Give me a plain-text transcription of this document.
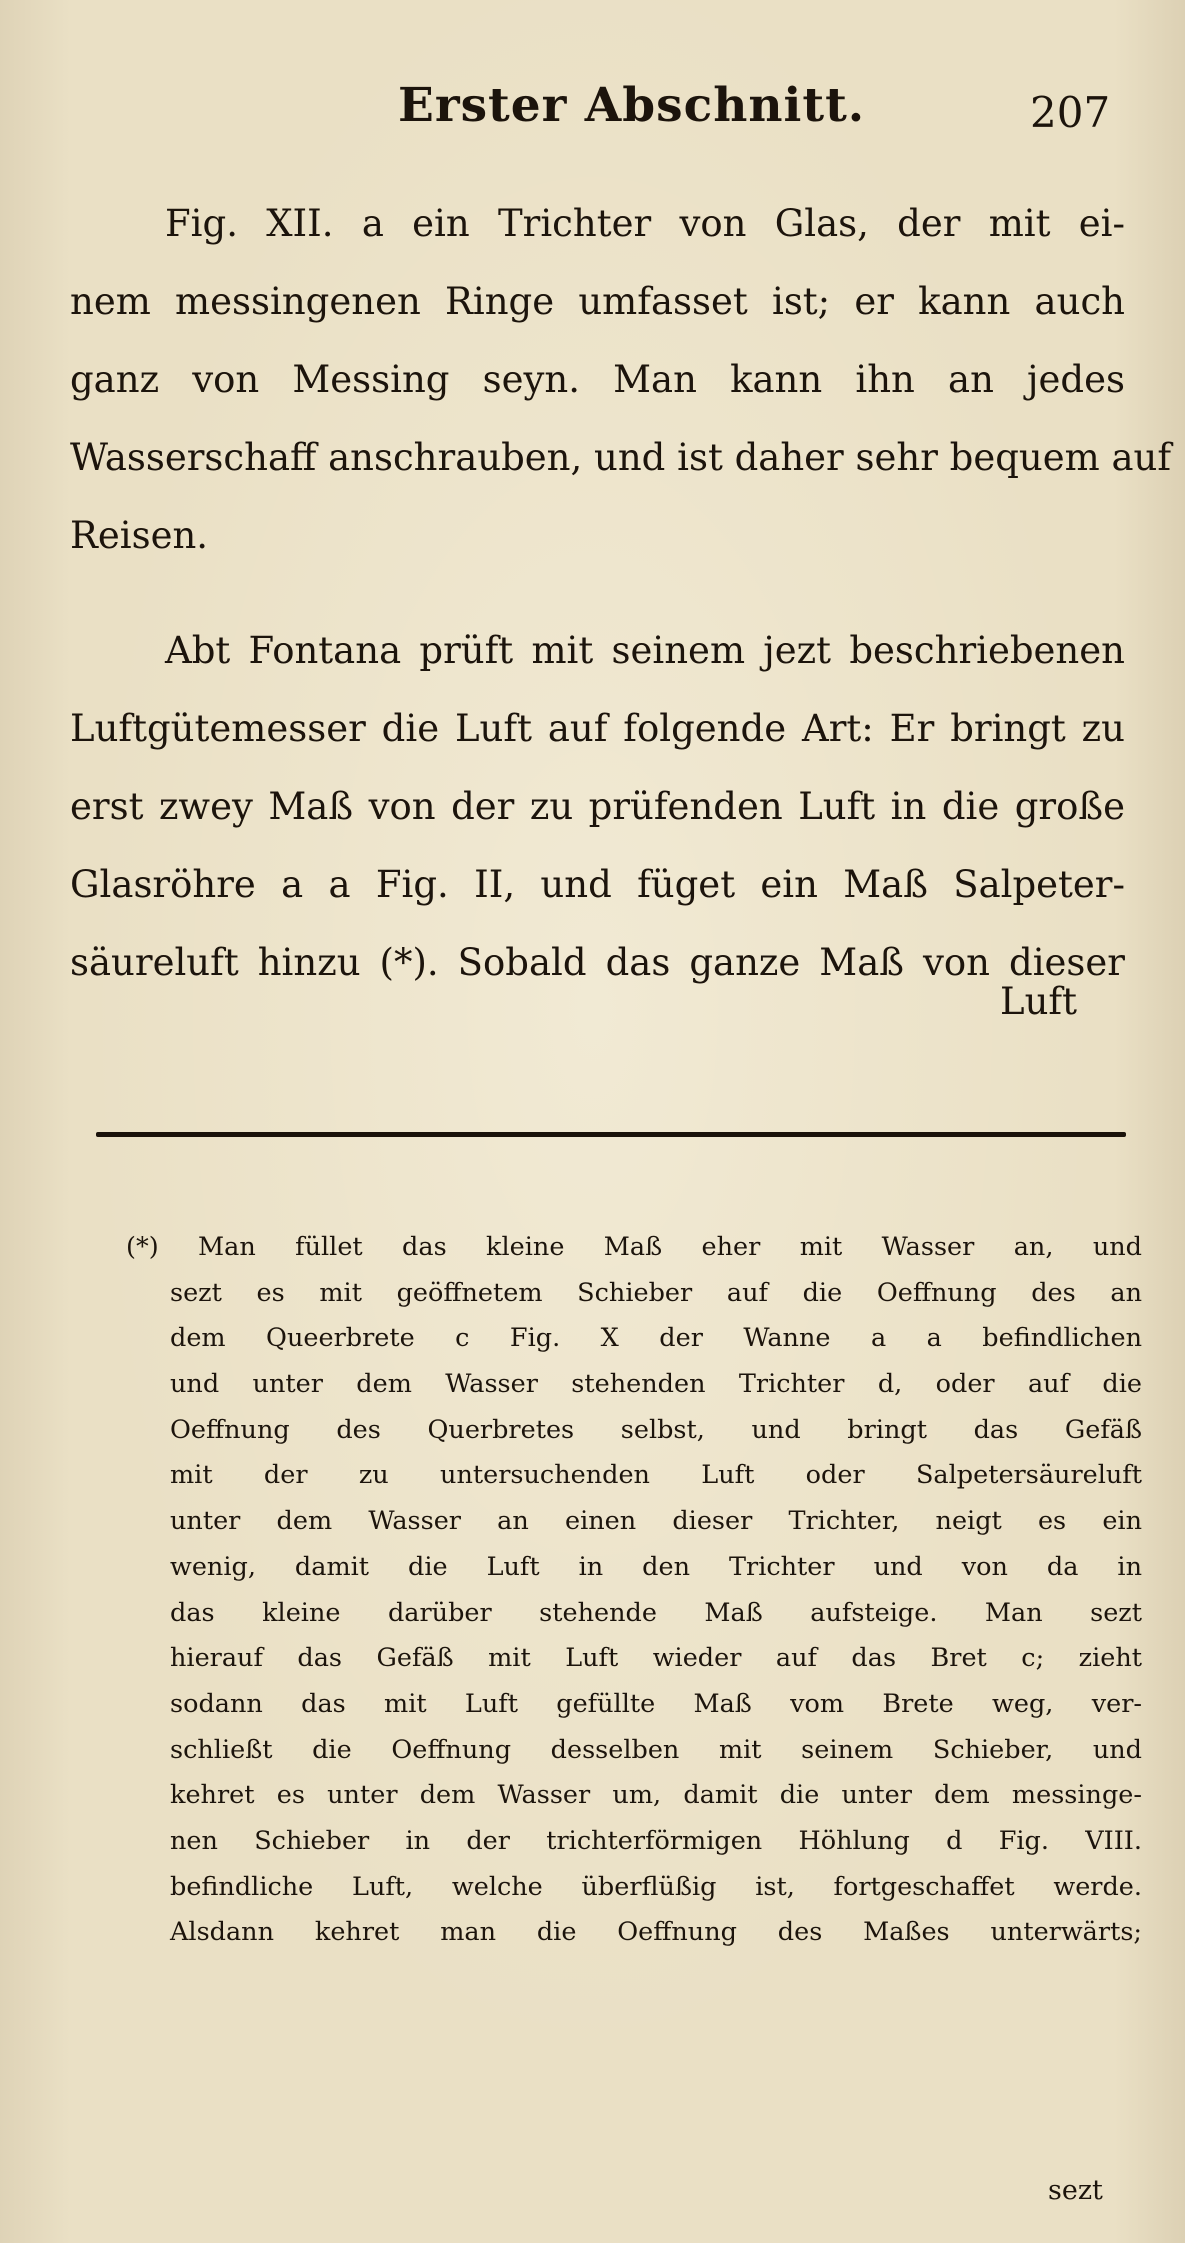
Erster Abschnitt.	207
Fig. XII. a ein Trichter von Glas, der mit ei-
nem messingenen Ringe umfasset ist; er kann auch
ganz von Messing seyn. Man kann ihn an jedes
Wasserschaff anschrauben, und ist daher sehr bequem auf
Reisen.
Abt Fontana prüft mit seinem jezt beschriebenen
Luftgütemesser die Luft auf folgende Art: Er bringt zu
erst zwey Maß von der zu prüfenden Luft in die große
Glasröhre a a Fig. II, und füget ein Maß Salpeter-
säureluft hinzu (*). Sobald das ganze Maß von dieser
Luft
(*) Man füllet das kleine Maß eher mit Wasser an, und
sezt es mit geöffnetem Schieber auf die Oeffnung des an
dem Queerbrete c Fig. X der Wanne a a befindlichen
und unter dem Wasser stehenden Trichter d, oder auf die
Oeffnung des Querbretes selbst, und bringt das Gefäß
mit der zu untersuchenden Luft oder Salpetersäureluft
unter dem Wasser an einen dieser Trichter, neigt es ein
wenig, damit die Luft in den Trichter und von da in
das kleine darüber stehende Maß aufsteige. Man sezt
hierauf das Gefäß mit Luft wieder auf das Bret c; zieht
sodann das mit Luft gefüllte Maß vom Brete weg, ver-
schließt die Oeffnung desselben mit seinem Schieber, und
kehret es unter dem Wasser um, damit die unter dem messinge-
nen Schieber in der trichterförmigen Höhlung d Fig. VIII.
befindliche Luft, welche überflüßig ist, fortgeschaffet werde.
Alsdann kehret man die Oeffnung des Maßes unterwärts;
sezt
